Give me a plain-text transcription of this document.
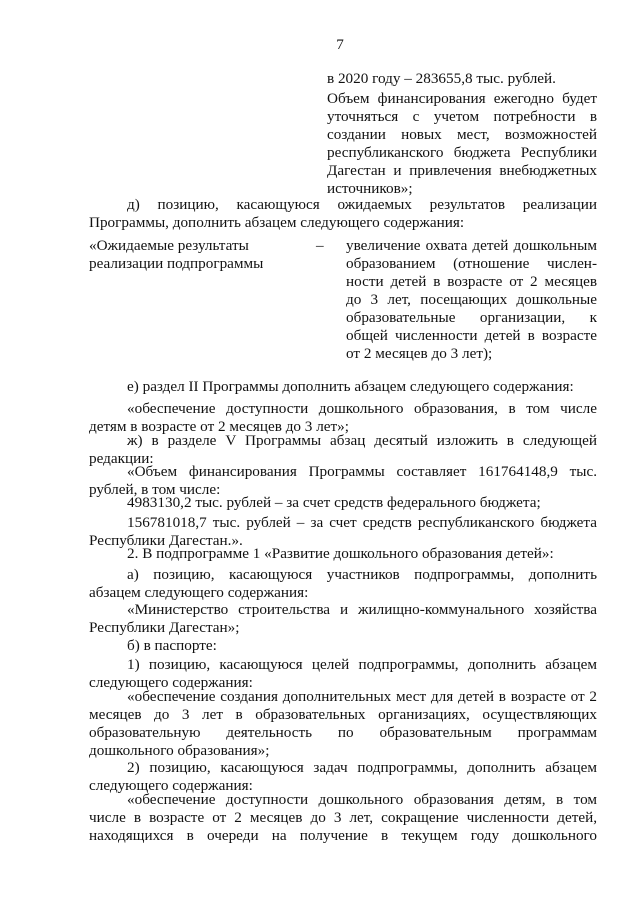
7

в 2020 году – 283655,8 тыс. рублей.

Объем финансирования ежегодно будет уточняться с учетом потребности в создании новых мест, возможностей республиканского бюджета Республики Дагестан и привлечения внебюджетных источников»;

д) позицию, касающуюся ожидаемых результатов реализации Программы, дополнить абзацем следующего содержания:

«Ожидаемые результаты реализации подпрограммы
– увеличение охвата детей дошкольным образованием (отношение числен-ности детей в возрасте от 2 месяцев до 3 лет, посещающих дошкольные образовательные организации, к общей численности детей в возрасте от 2 месяцев до 3 лет);

е) раздел II Программы дополнить абзацем следующего содержания:

«обеспечение доступности дошкольного образования, в том числе детям в возрасте от 2 месяцев до 3 лет»;

ж) в разделе V Программы абзац десятый изложить в следующей редакции:

«Объем финансирования Программы составляет 161764148,9 тыс. рублей, в том числе:

4983130,2 тыс. рублей – за счет средств федерального бюджета;

156781018,7 тыс. рублей – за счет средств республиканского бюджета Республики Дагестан.».

2. В подпрограмме 1 «Развитие дошкольного образования детей»:

а) позицию, касающуюся участников подпрограммы, дополнить абзацем следующего содержания:

«Министерство строительства и жилищно-коммунального хозяйства Республики Дагестан»;

б) в паспорте:

1) позицию, касающуюся целей подпрограммы, дополнить абзацем следующего содержания:

«обеспечение создания дополнительных мест для детей в возрасте от 2 месяцев до 3 лет в образовательных организациях, осуществляющих образовательную деятельность по образовательным программам дошкольного образования»;

2) позицию, касающуюся задач подпрограммы, дополнить абзацем следующего содержания:

«обеспечение доступности дошкольного образования детям, в том числе в возрасте от 2 месяцев до 3 лет, сокращение численности детей, находящихся в очереди на получение в текущем году дошкольного
